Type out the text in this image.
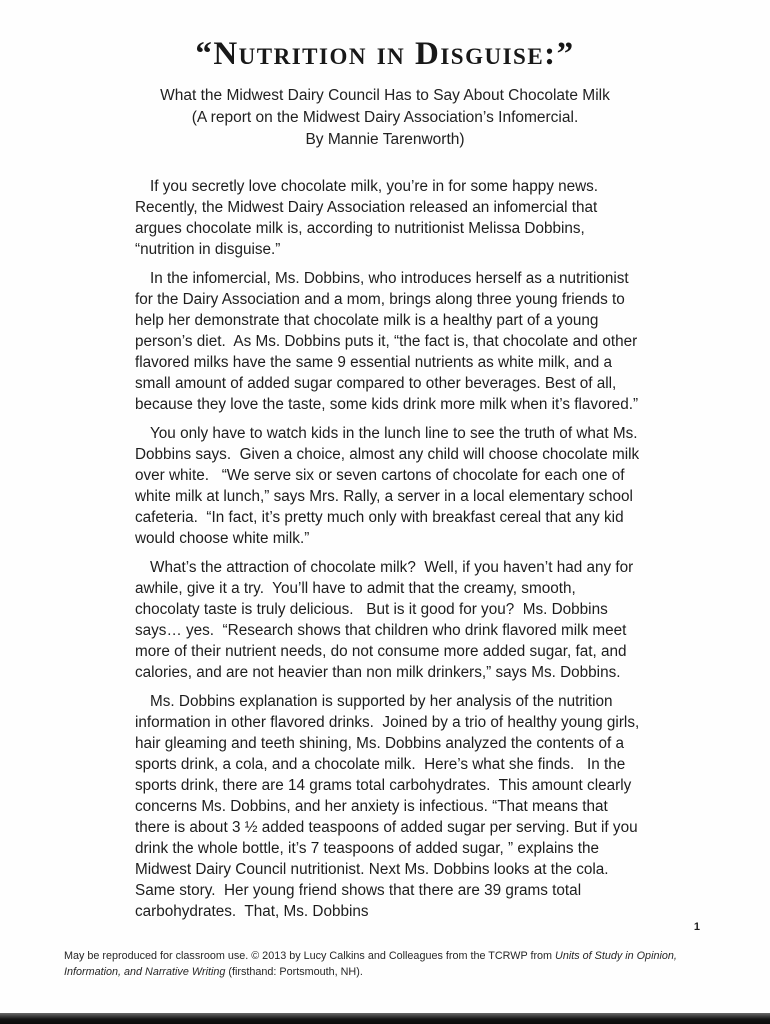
“Nutrition in Disguise:”

What the Midwest Dairy Council Has to Say About Chocolate Milk

(A report on the Midwest Dairy Association’s Infomercial.

By Mannie Tarenworth)

If you secretly love chocolate milk, you’re in for some happy news.  Recently, the Midwest Dairy Association released an infomercial that argues chocolate milk is, according to nutritionist Melissa Dobbins, “nutrition in disguise.”

In the infomercial, Ms. Dobbins, who introduces herself as a nutritionist for the Dairy Association and a mom, brings along three young friends to help her demonstrate that chocolate milk is a healthy part of a young person’s diet.  As Ms. Dobbins puts it, “the fact is, that chocolate and other flavored milks have the same 9 essential nutrients as white milk, and a small amount of added sugar compared to other beverages. Best of all, because they love the taste, some kids drink more milk when it’s flavored.”

You only have to watch kids in the lunch line to see the truth of what Ms. Dobbins says.  Given a choice, almost any child will choose chocolate milk over white.   “We serve six or seven cartons of chocolate for each one of white milk at lunch,” says Mrs. Rally, a server in a local elementary school cafeteria.  “In fact, it’s pretty much only with breakfast cereal that any kid would choose white milk.”

What’s the attraction of chocolate milk?  Well, if you haven’t had any for awhile, give it a try.  You’ll have to admit that the creamy, smooth, chocolaty taste is truly delicious.   But is it good for you?  Ms. Dobbins says… yes.  “Research shows that children who drink flavored milk meet more of their nutrient needs, do not consume more added sugar, fat, and calories, and are not heavier than non milk drinkers,” says Ms. Dobbins.

Ms. Dobbins explanation is supported by her analysis of the nutrition information in other flavored drinks.  Joined by a trio of healthy young girls, hair gleaming and teeth shining, Ms. Dobbins analyzed the contents of a sports drink, a cola, and a chocolate milk.  Here’s what she finds.   In the sports drink, there are 14 grams total carbohydrates.  This amount clearly concerns Ms. Dobbins, and her anxiety is infectious. “That means that there is about 3 ½ added teaspoons of added sugar per serving. But if you drink the whole bottle, it’s 7 teaspoons of added sugar, ” explains the Midwest Dairy Council nutritionist. Next Ms. Dobbins looks at the cola.  Same story.  Her young friend shows that there are 39 grams total carbohydrates.  That, Ms. Dobbins

1
May be reproduced for classroom use. © 2013 by Lucy Calkins and Colleagues from the TCRWP from Units of Study in Opinion, Information, and Narrative Writing (firsthand: Portsmouth, NH).
